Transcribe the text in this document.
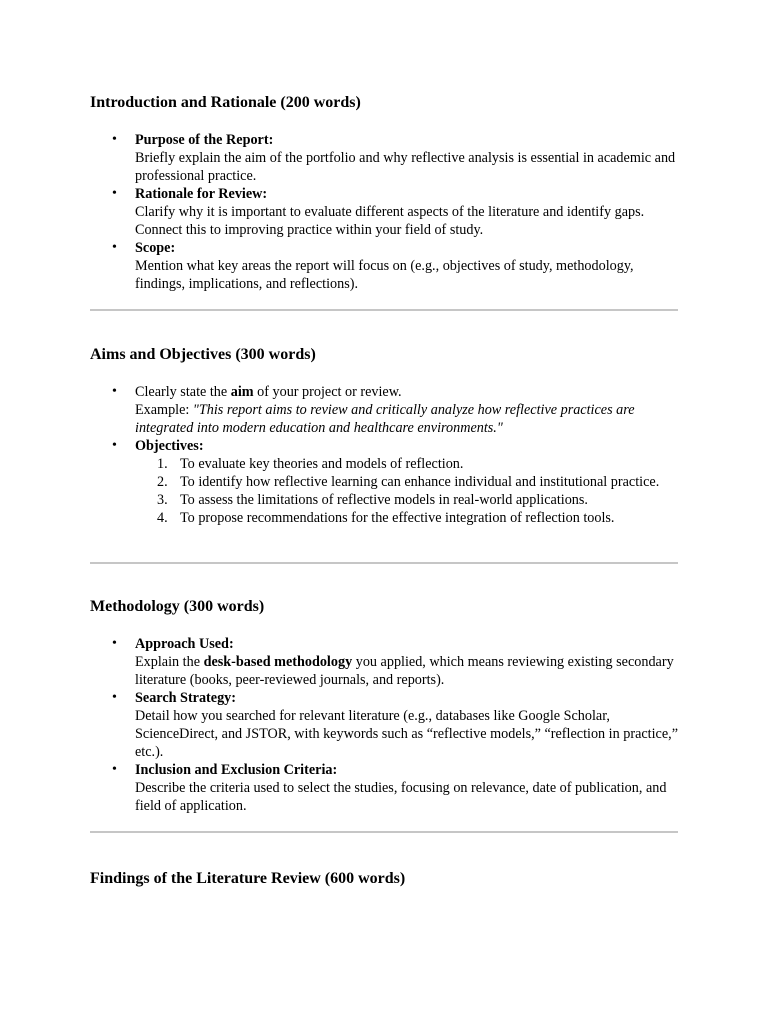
Introduction and Rationale (200 words)
• Purpose of the Report:
Briefly explain the aim of the portfolio and why reflective analysis is essential in academic and professional practice.
• Rationale for Review:
Clarify why it is important to evaluate different aspects of the literature and identify gaps. Connect this to improving practice within your field of study.
• Scope:
Mention what key areas the report will focus on (e.g., objectives of study, methodology, findings, implications, and reflections).
Aims and Objectives (300 words)
• Clearly state the aim of your project or review.
Example: "This report aims to review and critically analyze how reflective practices are integrated into modern education and healthcare environments."
• Objectives:
1. To evaluate key theories and models of reflection.
2. To identify how reflective learning can enhance individual and institutional practice.
3. To assess the limitations of reflective models in real-world applications.
4. To propose recommendations for the effective integration of reflection tools.
Methodology (300 words)
• Approach Used:
Explain the desk-based methodology you applied, which means reviewing existing secondary literature (books, peer-reviewed journals, and reports).
• Search Strategy:
Detail how you searched for relevant literature (e.g., databases like Google Scholar, ScienceDirect, and JSTOR, with keywords such as “reflective models,” “reflection in practice,” etc.).
• Inclusion and Exclusion Criteria:
Describe the criteria used to select the studies, focusing on relevance, date of publication, and field of application.
Findings of the Literature Review (600 words)
